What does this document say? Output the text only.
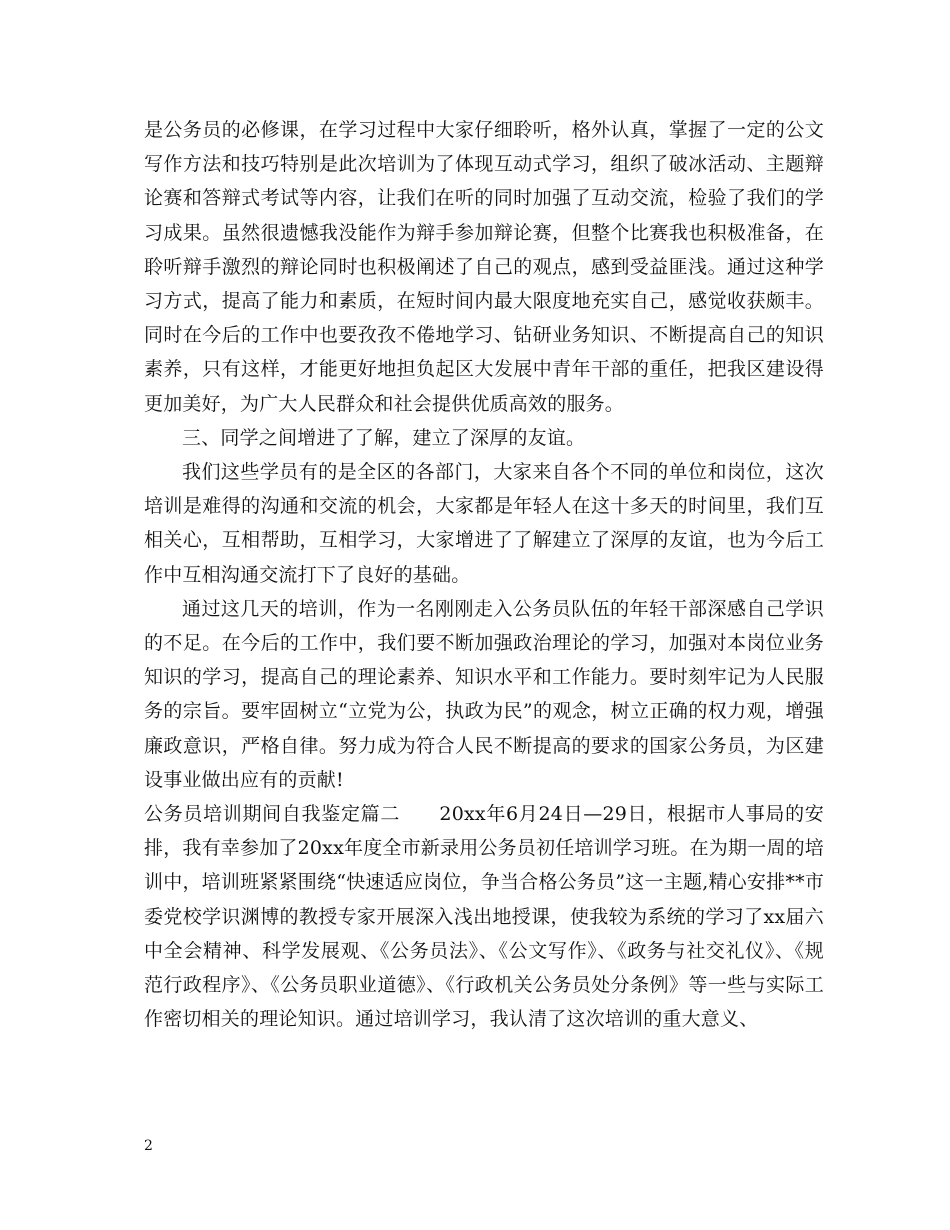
是公务员的必修课，在学习过程中大家仔细聆听，格外认真，掌握了一定的公文写作方法和技巧特别是此次培训为了体现互动式学习，组织了破冰活动、主题辩论赛和答辩式考试等内容，让我们在听的同时加强了互动交流，检验了我们的学习成果。虽然很遗憾我没能作为辩手参加辩论赛，但整个比赛我也积极准备，在聆听辩手激烈的辩论同时也积极阐述了自己的观点，感到受益匪浅。通过这种学习方式，提高了能力和素质，在短时间内最大限度地充实自己，感觉收获颇丰。同时在今后的工作中也要孜孜不倦地学习、钻研业务知识、不断提高自己的知识素养，只有这样，才能更好地担负起区大发展中青年干部的重任，把我区建设得更加美好，为广大人民群众和社会提供优质高效的服务。

三、同学之间增进了了解，建立了深厚的友谊。

我们这些学员有的是全区的各部门，大家来自各个不同的单位和岗位，这次培训是难得的沟通和交流的机会，大家都是年轻人在这十多天的时间里，我们互相关心，互相帮助，互相学习，大家增进了了解建立了深厚的友谊，也为今后工作中互相沟通交流打下了良好的基础。

通过这几天的培训，作为一名刚刚走入公务员队伍的年轻干部深感自己学识的不足。在今后的工作中，我们要不断加强政治理论的学习，加强对本岗位业务知识的学习，提高自己的理论素养、知识水平和工作能力。要时刻牢记为人民服务的宗旨。要牢固树立“立党为公，执政为民”的观念，树立正确的权力观，增强廉政意识，严格自律。努力成为符合人民不断提高的要求的国家公务员，为区建设事业做出应有的贡献!

公务员培训期间自我鉴定篇二　　20xx年6月24日—29日，根据市人事局的安排，我有幸参加了20xx年度全市新录用公务员初任培训学习班。在为期一周的培训中，培训班紧紧围绕“快速适应岗位，争当合格公务员”这一主题,精心安排**市委党校学识渊博的教授专家开展深入浅出地授课，使我较为系统的学习了xx届六中全会精神、科学发展观、《公务员法》、《公文写作》、《政务与社交礼仪》、《规范行政程序》、《公务员职业道德》、《行政机关公务员处分条例》等一些与实际工作密切相关的理论知识。通过培训学习，我认清了这次培训的重大意义、

2
